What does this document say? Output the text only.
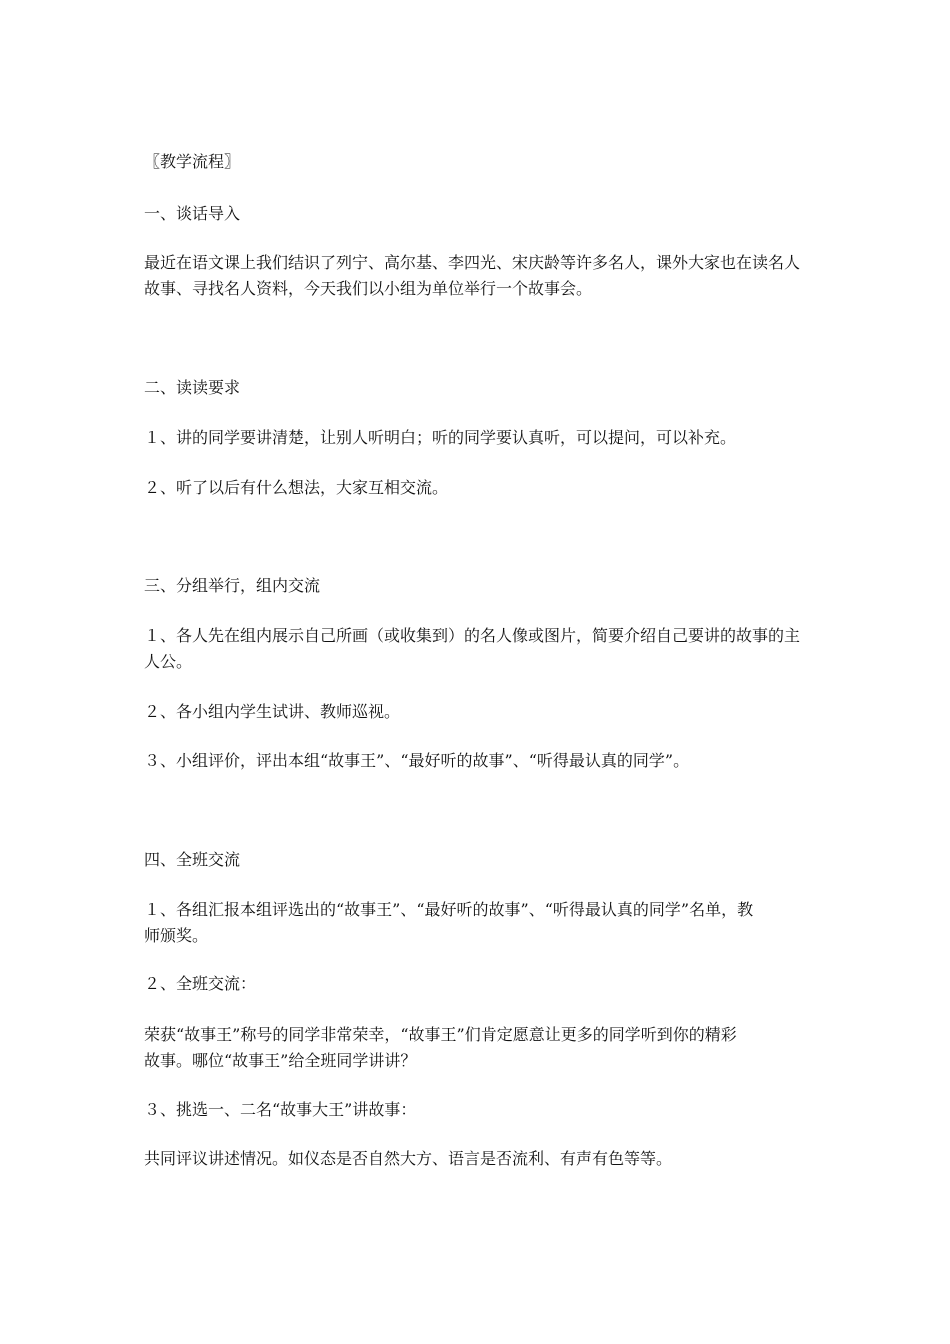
〖教学流程〗
一、谈话导入
最近在语文课上我们结识了列宁、高尔基、李四光、宋庆龄等许多名人，课外大家也在读名人
故事、寻找名人资料，今天我们以小组为单位举行一个故事会。
二、读读要求
１、讲的同学要讲清楚，让别人听明白；听的同学要认真听，可以提问，可以补充。
２、听了以后有什么想法，大家互相交流。
三、分组举行，组内交流
１、各人先在组内展示自己所画（或收集到）的名人像或图片，简要介绍自己要讲的故事的主
人公。
２、各小组内学生试讲、教师巡视。
３、小组评价，评出本组“故事王”、“最好听的故事”、“听得最认真的同学”。
四、全班交流
１、各组汇报本组评选出的“故事王”、“最好听的故事”、“听得最认真的同学”名单，教
师颁奖。
２、全班交流：
荣获“故事王”称号的同学非常荣幸，“故事王”们肯定愿意让更多的同学听到你的精彩
故事。哪位“故事王”给全班同学讲讲？
３、挑选一、二名“故事大王”讲故事：
共同评议讲述情况。如仪态是否自然大方、语言是否流利、有声有色等等。
